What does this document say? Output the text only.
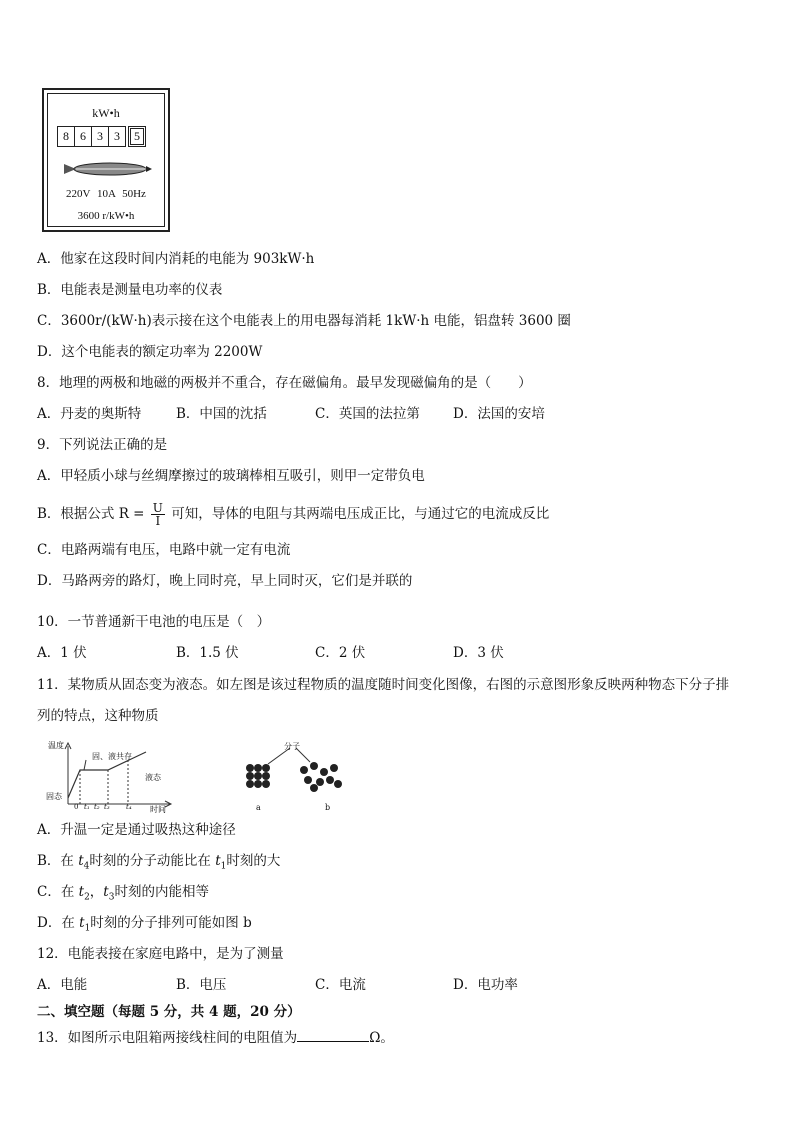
kW•h
8 6 3 3	5
220V 10A 50Hz
3600 r/kW•h
A．他家在这段时间内消耗的电能为 903kW·h
B．电能表是测量电功率的仪表
C．3600r/(kW·h)表示接在这个电能表上的用电器每消耗 1kW·h 电能，铝盘转 3600 圈
D．这个电能表的额定功率为 2200W
8．地理的两极和地磁的两极并不重合，存在磁偏角。最早发现磁偏角的是（　　）
A．丹麦的奥斯特	B．中国的沈括	C．英国的法拉第 D．法国的安培
9．下列说法正确的是
A．甲轻质小球与丝绸摩擦过的玻璃棒相互吸引，则甲一定带负电
B．根据公式 $R = \frac{U}{I}$ 可知，导体的电阻与其两端电压成正比，与通过它的电流成反比
C．电路两端有电压，电路中就一定有电流
D．马路两旁的路灯，晚上同时亮，早上同时灭，它们是并联的
10．一节普通新干电池的电压是（　）
A．1 伏	B．1.5 伏	C．2 伏	D．3 伏
11．某物质从固态变为液态。如左图是该过程物质的温度随时间变化图像，右图的示意图形象反映两种物态下分子排
列的特点，这种物质
温度
固态
固、液共存
液态
时间
0 t₁ t₂ t₃ t₄
分子
a	b
A．升温一定是通过吸热这种途径
B．在 $t_4$时刻的分子动能比在 $t_1$时刻的大
C．在 $t_2$，$t_3$时刻的内能相等
D．在 $t_1$时刻的分子排列可能如图 b
12．电能表接在家庭电路中，是为了测量
A．电能	B．电压	C．电流	D．电功率
二、填空题（每题 5 分，共 4 题，20 分）
13．如图所示电阻箱两接线柱间的电阻值为	Ω。
